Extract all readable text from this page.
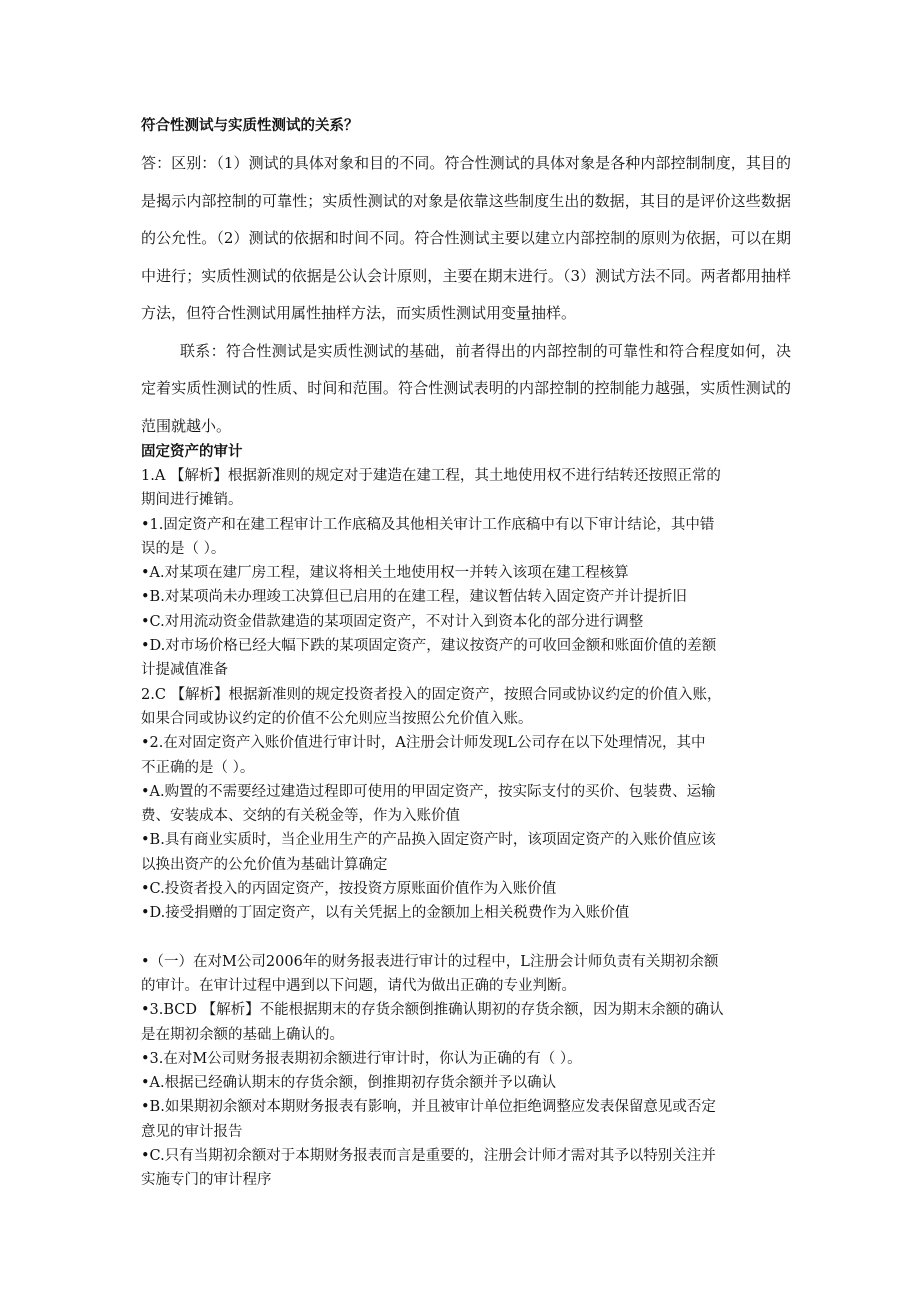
符合性测试与实质性测试的关系？

答：区别：（1）测试的具体对象和目的不同。符合性测试的具体对象是各种内部控制制度，其目的是揭示内部控制的可靠性；实质性测试的对象是依靠这些制度生出的数据，其目的是评价这些数据的公允性。（2）测试的依据和时间不同。符合性测试主要以建立内部控制的原则为依据，可以在期中进行；实质性测试的依据是公认会计原则，主要在期末进行。（3）测试方法不同。两者都用抽样方法，但符合性测试用属性抽样方法，而实质性测试用变量抽样。

联系：符合性测试是实质性测试的基础，前者得出的内部控制的可靠性和符合程度如何，决定着实质性测试的性质、时间和范围。符合性测试表明的内部控制的控制能力越强，实质性测试的范围就越小。

固定资产的审计

1.A 【解析】根据新准则的规定对于建造在建工程，其土地使用权不进行结转还按照正常的

期间进行摊销。

•1.固定资产和在建工程审计工作底稿及其他相关审计工作底稿中有以下审计结论，其中错

误的是（ ）。

•A.对某项在建厂房工程，建议将相关土地使用权一并转入该项在建工程核算

•B.对某项尚未办理竣工决算但已启用的在建工程，建议暂估转入固定资产并计提折旧

•C.对用流动资金借款建造的某项固定资产，不对计入到资本化的部分进行调整

•D.对市场价格已经大幅下跌的某项固定资产，建议按资产的可收回金额和账面价值的差额

计提减值准备

2.C 【解析】根据新准则的规定投资者投入的固定资产，按照合同或协议约定的价值入账，

如果合同或协议约定的价值不公允则应当按照公允价值入账。

•2.在对固定资产入账价值进行审计时，A注册会计师发现L公司存在以下处理情况，其中

不正确的是（ ）。

•A.购置的不需要经过建造过程即可使用的甲固定资产，按实际支付的买价、包装费、运输

费、安装成本、交纳的有关税金等，作为入账价值

•B.具有商业实质时，当企业用生产的产品换入固定资产时，该项固定资产的入账价值应该

以换出资产的公允价值为基础计算确定

•C.投资者投入的丙固定资产，按投资方原账面价值作为入账价值

•D.接受捐赠的丁固定资产，以有关凭据上的金额加上相关税费作为入账价值

•（一）在对M公司2006年的财务报表进行审计的过程中，L注册会计师负责有关期初余额

的审计。在审计过程中遇到以下问题，请代为做出正确的专业判断。

•3.BCD 【解析】不能根据期末的存货余额倒推确认期初的存货余额，因为期末余额的确认

是在期初余额的基础上确认的。

•3.在对M公司财务报表期初余额进行审计时，你认为正确的有（ ）。

•A.根据已经确认期末的存货余额，倒推期初存货余额并予以确认

•B.如果期初余额对本期财务报表有影响，并且被审计单位拒绝调整应发表保留意见或否定

意见的审计报告

•C.只有当期初余额对于本期财务报表而言是重要的，注册会计师才需对其予以特别关注并

实施专门的审计程序
